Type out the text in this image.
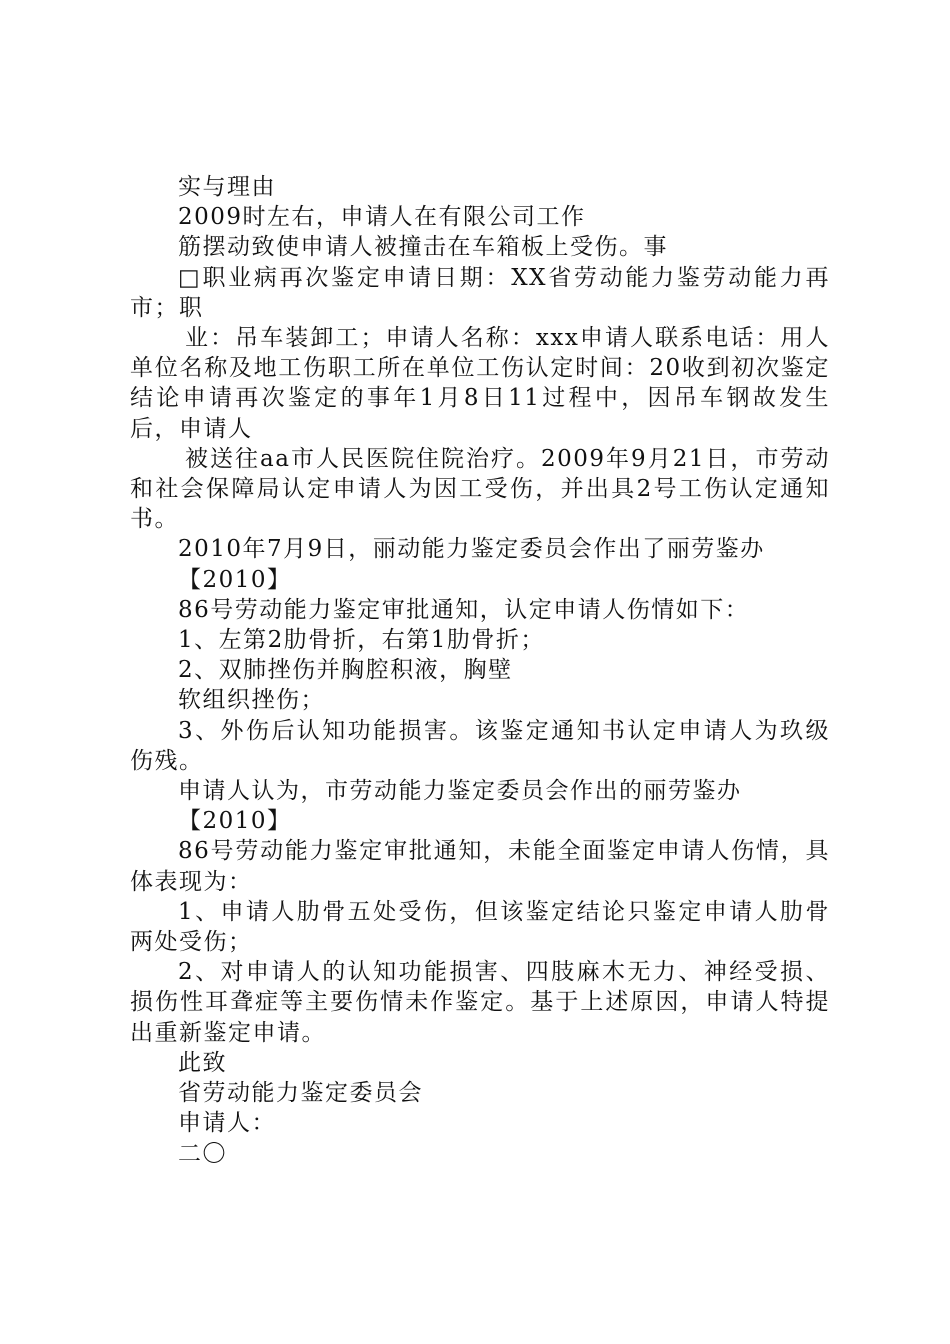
实与理由

2009时左右，申请人在有限公司工作

筋摆动致使申请人被撞击在车箱板上受伤。事

□职业病再次鉴定申请日期：XX省劳动能力鉴劳动能力再市；职

业：吊车装卸工；申请人名称：xxx申请人联系电话：用人单位名称及地工伤职工所在单位工伤认定时间：20收到初次鉴定结论申请再次鉴定的事年1月8日11过程中，因吊车钢故发生后，申请人

被送往aa市人民医院住院治疗。2009年9月21日，市劳动和社会保障局认定申请人为因工受伤，并出具2号工伤认定通知书。

2010年7月9日，丽动能力鉴定委员会作出了丽劳鉴办

【2010】

86号劳动能力鉴定审批通知，认定申请人伤情如下：

1、左第2肋骨折，右第1肋骨折；

2、双肺挫伤并胸腔积液，胸壁

软组织挫伤；

3、外伤后认知功能损害。该鉴定通知书认定申请人为玖级伤残。

申请人认为，市劳动能力鉴定委员会作出的丽劳鉴办

【2010】

86号劳动能力鉴定审批通知，未能全面鉴定申请人伤情，具体表现为：

1、申请人肋骨五处受伤，但该鉴定结论只鉴定申请人肋骨两处受伤；

2、对申请人的认知功能损害、四肢麻木无力、神经受损、损伤性耳聋症等主要伤情未作鉴定。基于上述原因，申请人特提出重新鉴定申请。

此致

省劳动能力鉴定委员会

申请人：

二〇
